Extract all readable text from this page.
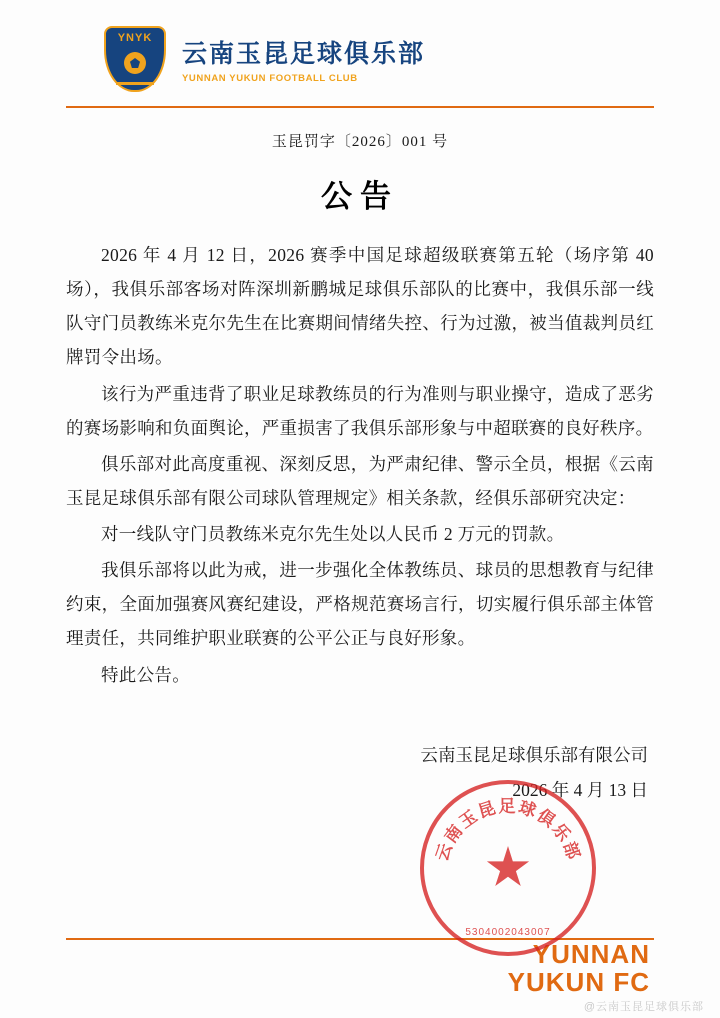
YNYK
云南玉昆足球俱乐部
YUNNAN YUKUN FOOTBALL CLUB
玉昆罚字〔2026〕001 号
公告

2026 年 4 月 12 日，2026 赛季中国足球超级联赛第五轮（场序第 40 场），我俱乐部客场对阵深圳新鹏城足球俱乐部队的比赛中，我俱乐部一线队守门员教练米克尔先生在比赛期间情绪失控、行为过激，被当值裁判员红牌罚令出场。

该行为严重违背了职业足球教练员的行为准则与职业操守，造成了恶劣的赛场影响和负面舆论，严重损害了我俱乐部形象与中超联赛的良好秩序。

俱乐部对此高度重视、深刻反思，为严肃纪律、警示全员，根据《云南玉昆足球俱乐部有限公司球队管理规定》相关条款，经俱乐部研究决定：

对一线队守门员教练米克尔先生处以人民币 2 万元的罚款。

我俱乐部将以此为戒，进一步强化全体教练员、球员的思想教育与纪律约束，全面加强赛风赛纪建设，严格规范赛场言行，切实履行俱乐部主体管理责任，共同维护职业联赛的公平公正与良好形象。

特此公告。

云南玉昆足球俱乐部有限公司
2026 年 4 月 13 日
云南玉昆足球俱乐部
5304002043007
YUNNAN
YUKUN FC
@云南玉昆足球俱乐部
